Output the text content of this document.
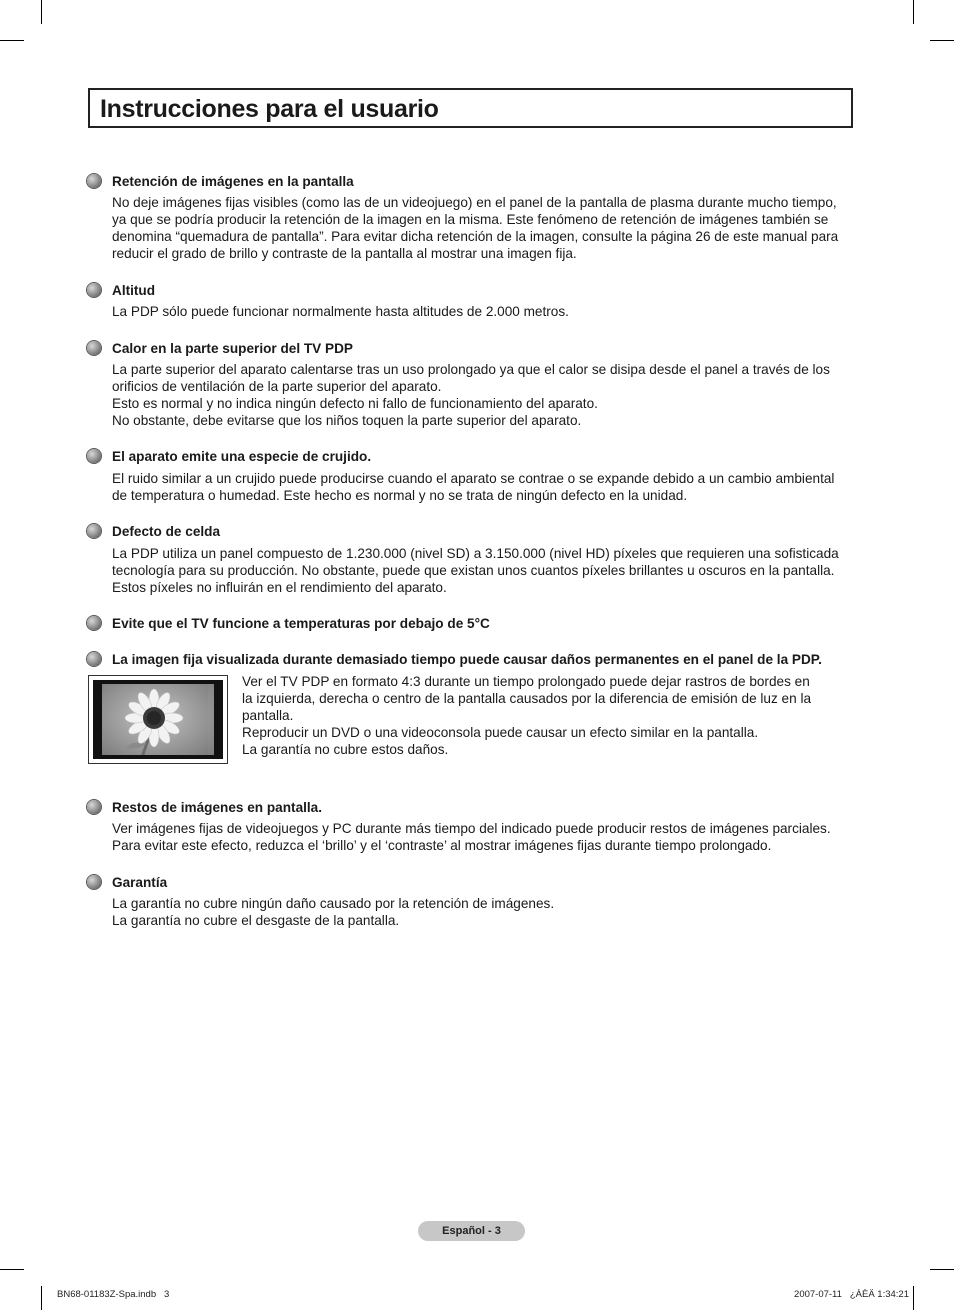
Instrucciones para el usuario
Retención de imágenes en la pantalla

No deje imágenes fijas visibles (como las de un videojuego) en el panel de la pantalla de plasma durante mucho tiempo,

ya que se podría producir la retención de la imagen en la misma. Este fenómeno de retención de imágenes también se

denomina “quemadura de pantalla”. Para evitar dicha retención de la imagen, consulte la página 26 de este manual para

reducir el grado de brillo y contraste de la pantalla al mostrar una imagen fija.

Altitud

La PDP sólo puede funcionar normalmente hasta altitudes de 2.000 metros.

Calor en la parte superior del TV PDP

La parte superior del aparato calentarse tras un uso prolongado ya que el calor se disipa desde el panel a través de los

orificios de ventilación de la parte superior del aparato.

Esto es normal y no indica ningún defecto ni fallo de funcionamiento del aparato.

No obstante, debe evitarse que los niños toquen la parte superior del aparato.

El aparato emite una especie de crujido.

El ruido similar a un crujido puede producirse cuando el aparato se contrae o se expande debido a un cambio ambiental

de temperatura o humedad. Este hecho es normal y no se trata de ningún defecto en la unidad.

Defecto de celda

La PDP utiliza un panel compuesto de 1.230.000 (nivel SD) a 3.150.000 (nivel HD) píxeles que requieren una sofisticada

tecnología para su producción. No obstante, puede que existan unos cuantos píxeles brillantes u oscuros en la pantalla.

Estos píxeles no influirán en el rendimiento del aparato.

Evite que el TV funcione a temperaturas por debajo de 5°C
La imagen fija visualizada durante demasiado tiempo puede causar daños permanentes en el panel de la PDP.

Ver el TV PDP en formato 4:3 durante un tiempo prolongado puede dejar rastros de bordes en

la izquierda, derecha o centro de la pantalla causados por la diferencia de emisión de luz en la

pantalla.

Reproducir un DVD o una videoconsola puede causar un efecto similar en la pantalla.

La garantía no cubre estos daños.

Restos de imágenes en pantalla.

Ver imágenes fijas de videojuegos y PC durante más tiempo del indicado puede producir restos de imágenes parciales.

Para evitar este efecto, reduzca el ‘brillo’ y el ‘contraste’ al mostrar imágenes fijas durante tiempo prolongado.

Garantía

La garantía no cubre ningún daño causado por la retención de imágenes.

La garantía no cubre el desgaste de la pantalla.

Español - 3
BN68-01183Z-Spa.indb   3	2007-07-11   ¿ÀÈÄ 1:34:21
